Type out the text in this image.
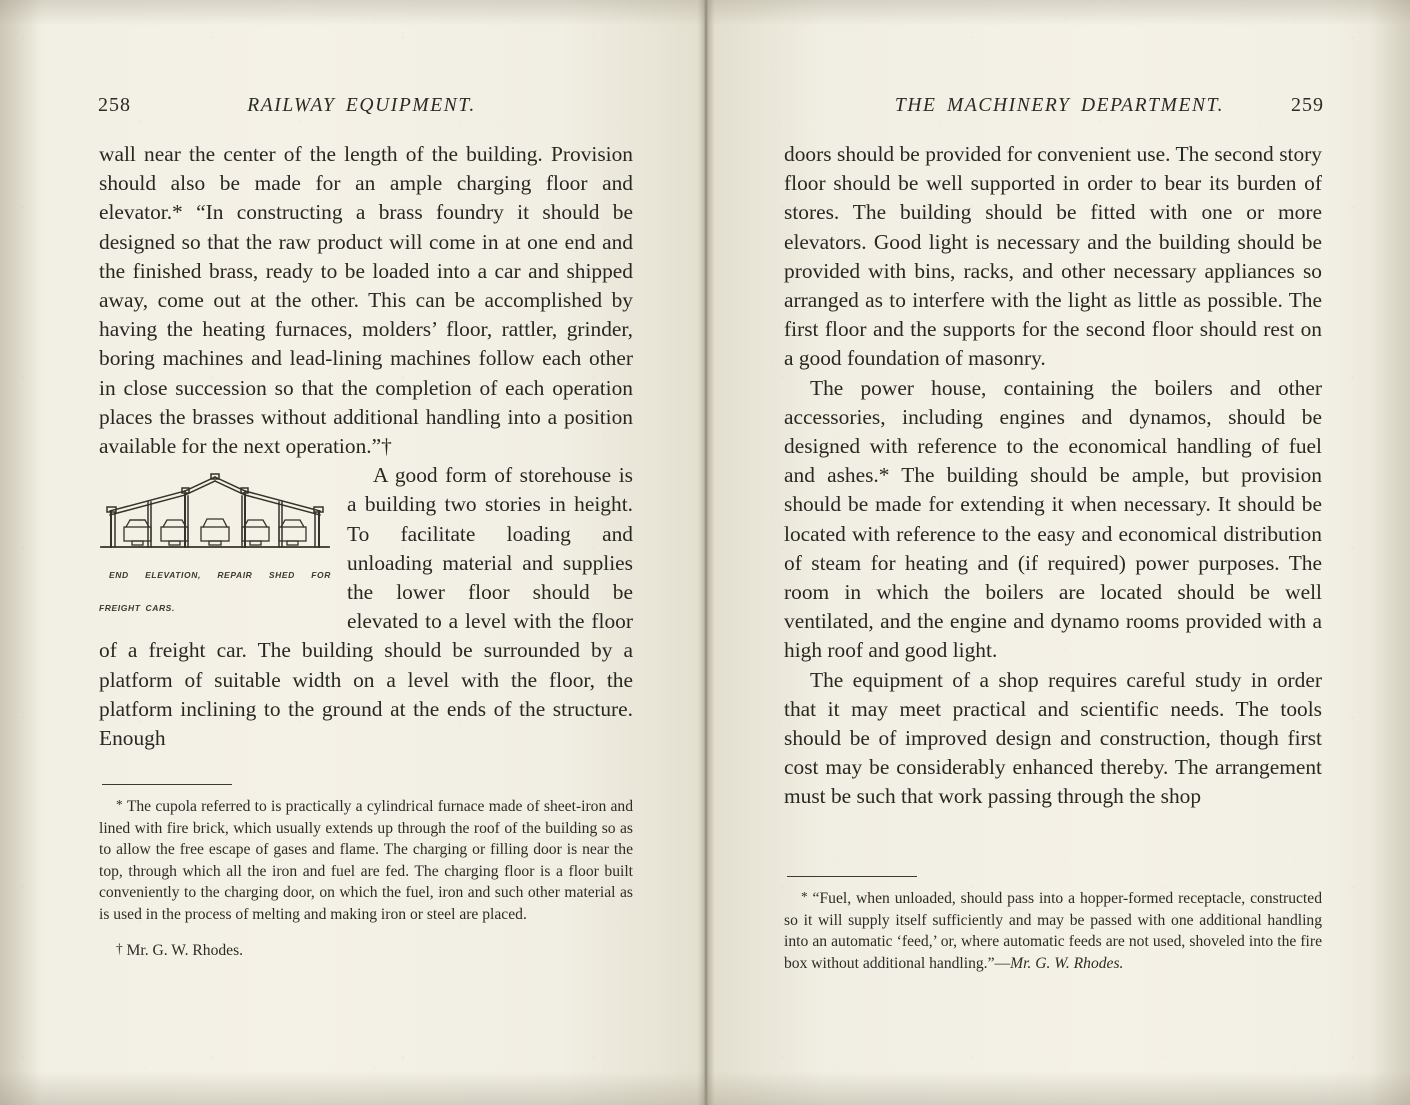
258	RAILWAY EQUIPMENT.

wall near the center of the length of the building. Provision should also be made for an ample charging floor and elevator.* “In constructing a brass foundry it should be designed so that the raw product will come in at one end and the finished brass, ready to be loaded into a car and shipped away, come out at the other. This can be accomplished by having the heating furnaces, molders’ floor, rattler, grinder, boring machines and lead-lining machines follow each other in close succession so that the completion of each operation places the brasses without additional handling into a position available for the next operation.”†

END ELEVATION, REPAIR SHED FOR FREIGHT CARS.
A good form of storehouse is a building two stories in height. To facilitate loading and unloading material and supplies the lower floor should be elevated to a level with the floor of a freight car. The building should be surrounded by a platform of suitable width on a level with the floor, the platform inclining to the ground at the ends of the structure. Enough

* The cupola referred to is practically a cylindrical furnace made of sheet-iron and lined with fire brick, which usually extends up through the roof of the building so as to allow the free escape of gases and flame. The charging or filling door is near the top, through which all the iron and fuel are fed. The charging floor is a floor built conveniently to the charging door, on which the fuel, iron and such other material as is used in the process of melting and making iron or steel are placed.

† Mr. G. W. Rhodes.

THE MACHINERY DEPARTMENT.	259

doors should be provided for convenient use. The second story floor should be well supported in order to bear its burden of stores. The building should be fitted with one or more elevators. Good light is necessary and the building should be provided with bins, racks, and other necessary appliances so arranged as to interfere with the light as little as possible. The first floor and the supports for the second floor should rest on a good foundation of masonry.

The power house, containing the boilers and other accessories, including engines and dynamos, should be designed with reference to the economical handling of fuel and ashes.* The building should be ample, but provision should be made for extending it when necessary. It should be located with reference to the easy and economical distribution of steam for heating and (if required) power purposes. The room in which the boilers are located should be well ventilated, and the engine and dynamo rooms provided with a high roof and good light.

The equipment of a shop requires careful study in order that it may meet practical and scientific needs. The tools should be of improved design and construction, though first cost may be considerably enhanced thereby. The arrangement must be such that work passing through the shop

* “Fuel, when unloaded, should pass into a hopper-formed receptacle, constructed so it will supply itself sufficiently and may be passed with one additional handling into an automatic ‘feed,’ or, where automatic feeds are not used, shoveled into the fire box without additional handling.”—Mr. G. W. Rhodes.
